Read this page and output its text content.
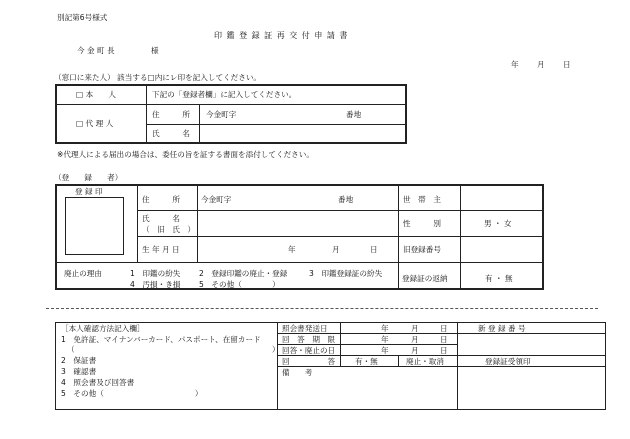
別記第6号様式
印 鑑 登 録 証 再 交 付 申 請 書
今 金 町 長	様
年 月 日
（窓口に来た人） 該当する□内にレ印を記入してください。
□ 本　　人	下記の「登録者欄」に記入してください。
□ 代 理 人
住　　　所 今金町字	番地
氏　　　名
※代理人による届出の場合は、委任の旨を証する書面を添付してください。
（登　　録　　者）
登 録 印
住　　　所	今金町字	番地	世　帯　主
氏　　　名
（　旧　氏　）
性　　　別	男 ・ 女
生 年 月 日	年	月	日	旧登録番号
廃止の理由	1　印鑑の紛失 2　登録印鑑の廃止・登録	3　印鑑登録証の紛失
4　汚損・き損 5　その他（　　　　）
登録証の返納	有 ・ 無
［本人確認方法記入欄］
1　免許証、マイナンバーカード、パスポート、在留カード
（　　　　　　　　　　　　　　　　　　　　　　　　　　）
2　保証書
3　確認書
4　照会書及び回答書
5　その他（　　　　　　　　　　　　）
照会書発送日	年	月	日
回　答　期　限	年	月	日
回答・廃止の日	年	月	日
回　　　　　答	有・無	廃止・取消
備　　考
新 登 録 番 号
登録証受領印
